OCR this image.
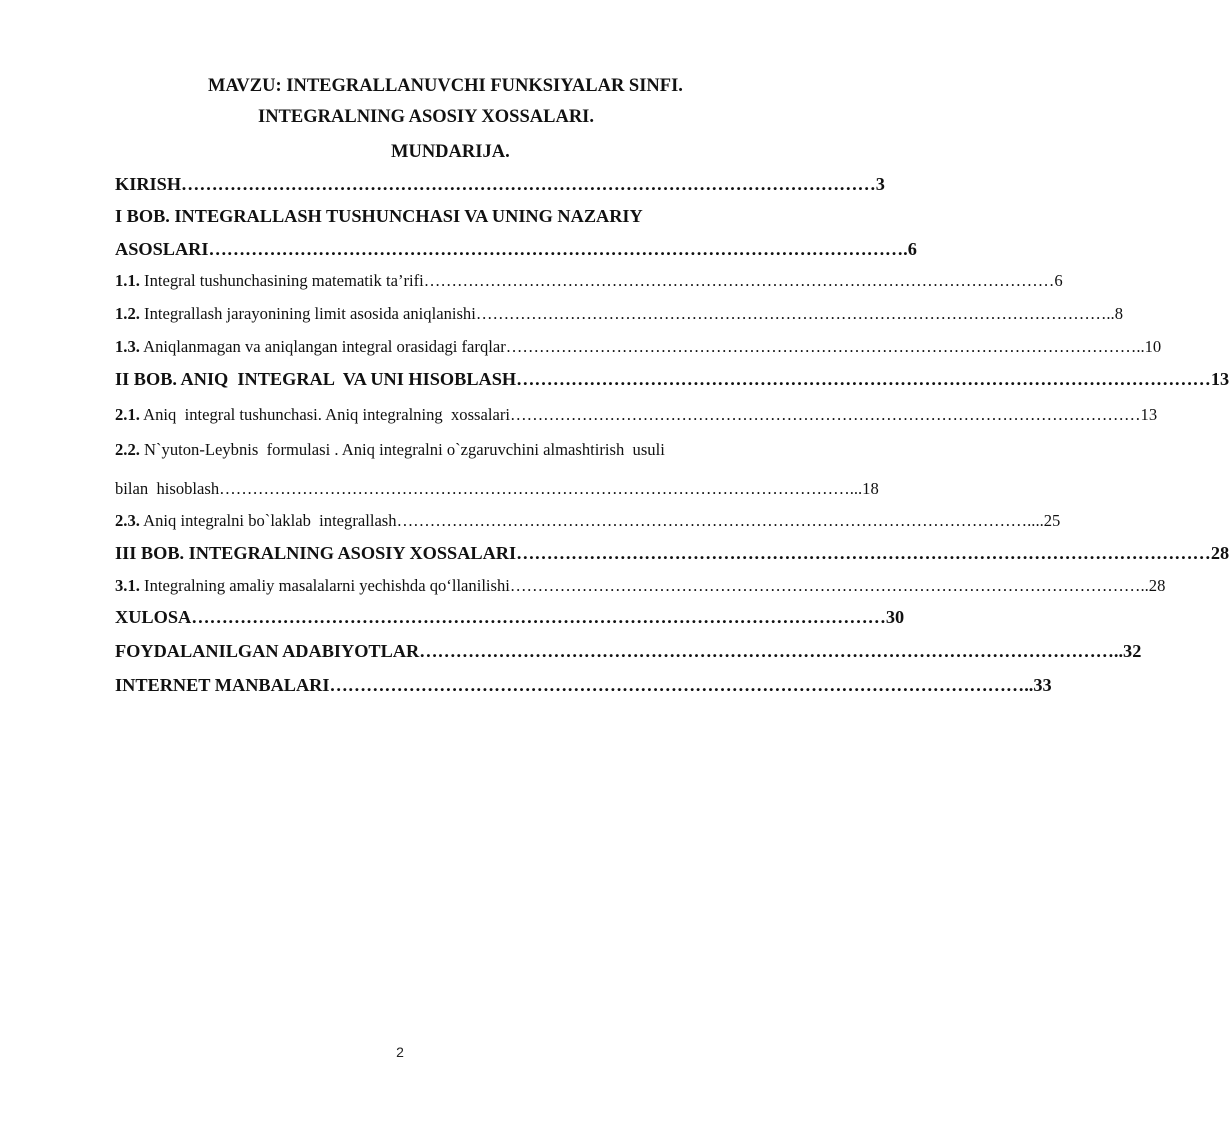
MAVZU: INTEGRALLANUVCHI FUNKSIYALAR SINFI.
INTEGRALNING ASOSIY XOSSALARI.
MUNDARIJA.
KIRISH …………………………………………………………………………………………………… 3
I BOB. INTEGRALLASH TUSHUNCHASI VA UNING NAZARIY
ASOSLARI …………………………………………………………………………………………………… .6
1.1. Integral tushunchasining matematik ta’rifi …………………………………………………………………………………………………… 6
1.2. Integrallash jarayonining limit asosida aniqlanishi …………………………………………………………………………………………………… ..8
1.3. Aniqlanmagan va aniqlangan integral orasidagi farqlar …………………………………………………………………………………………………… ..10
II BOB. ANIQ  INTEGRAL  VA UNI HISOBLASH …………………………………………………………………………………………………… 13
2.1. Aniq  integral tushunchasi. Aniq integralning  xossalari …………………………………………………………………………………………………… 13
2.2. N`yuton-Leybnis  formulasi . Aniq integralni o`zgaruvchini almashtirish  usuli
bilan  hisoblash …………………………………………………………………………………………………… ...18
2.3. Aniq integralni bo`laklab  integrallash …………………………………………………………………………………………………… ....25
III BOB. INTEGRALNING ASOSIY XOSSALARI …………………………………………………………………………………………………… 28
3.1. Integralning amaliy masalalarni yechishda qo‘llanilishi …………………………………………………………………………………………………… ..28
XULOSA …………………………………………………………………………………………………… 30
FOYDALANILGAN ADABIYOTLAR …………………………………………………………………………………………………… ..32
INTERNET MANBALARI …………………………………………………………………………………………………… ..33
2
